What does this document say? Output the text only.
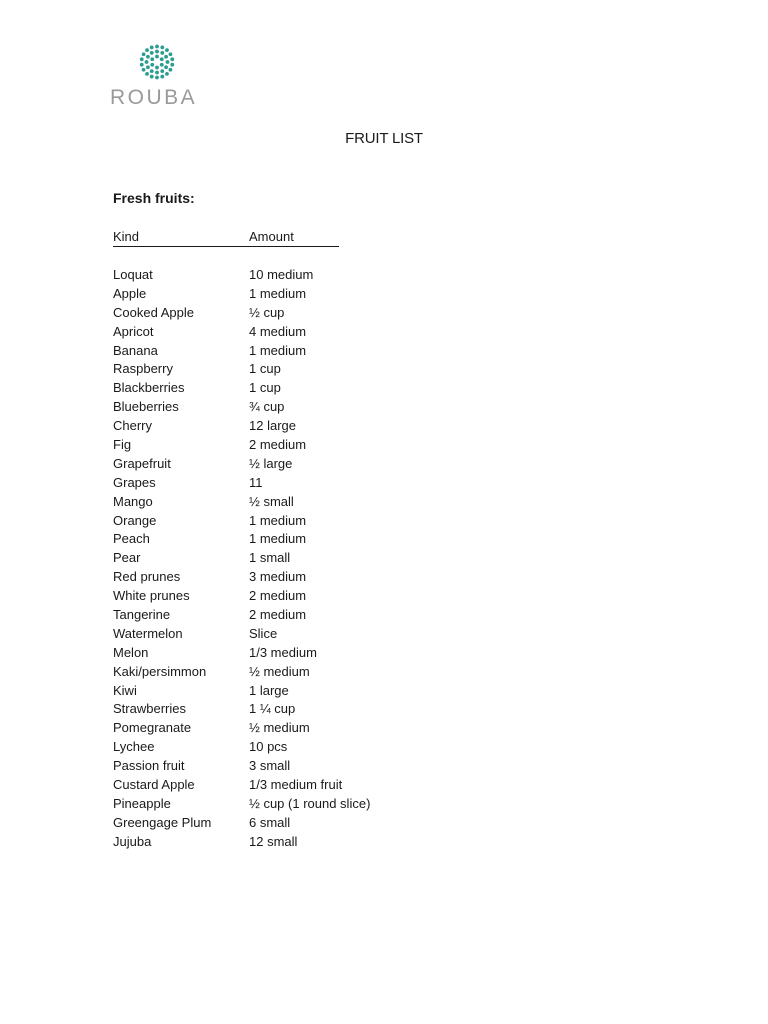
ROUBA
FRUIT LIST
Fresh fruits:
Kind	Amount
Loquat	10 medium
Apple	1 medium
Cooked Apple	½ cup
Apricot	4 medium
Banana	1 medium
Raspberry	1 cup
Blackberries	1 cup
Blueberries	¾ cup
Cherry	12 large
Fig	2 medium
Grapefruit	½ large
Grapes	11
Mango	½ small
Orange	1 medium
Peach	1 medium
Pear	1 small
Red prunes	3 medium
White prunes	2 medium
Tangerine	2 medium
Watermelon	Slice
Melon	1/3 medium
Kaki/persimmon	½ medium
Kiwi	1 large
Strawberries	1 ¼ cup
Pomegranate	½ medium
Lychee	10 pcs
Passion fruit	3 small
Custard Apple	1/3 medium fruit
Pineapple	½ cup (1 round slice)
Greengage Plum	6 small
Jujuba	12 small
